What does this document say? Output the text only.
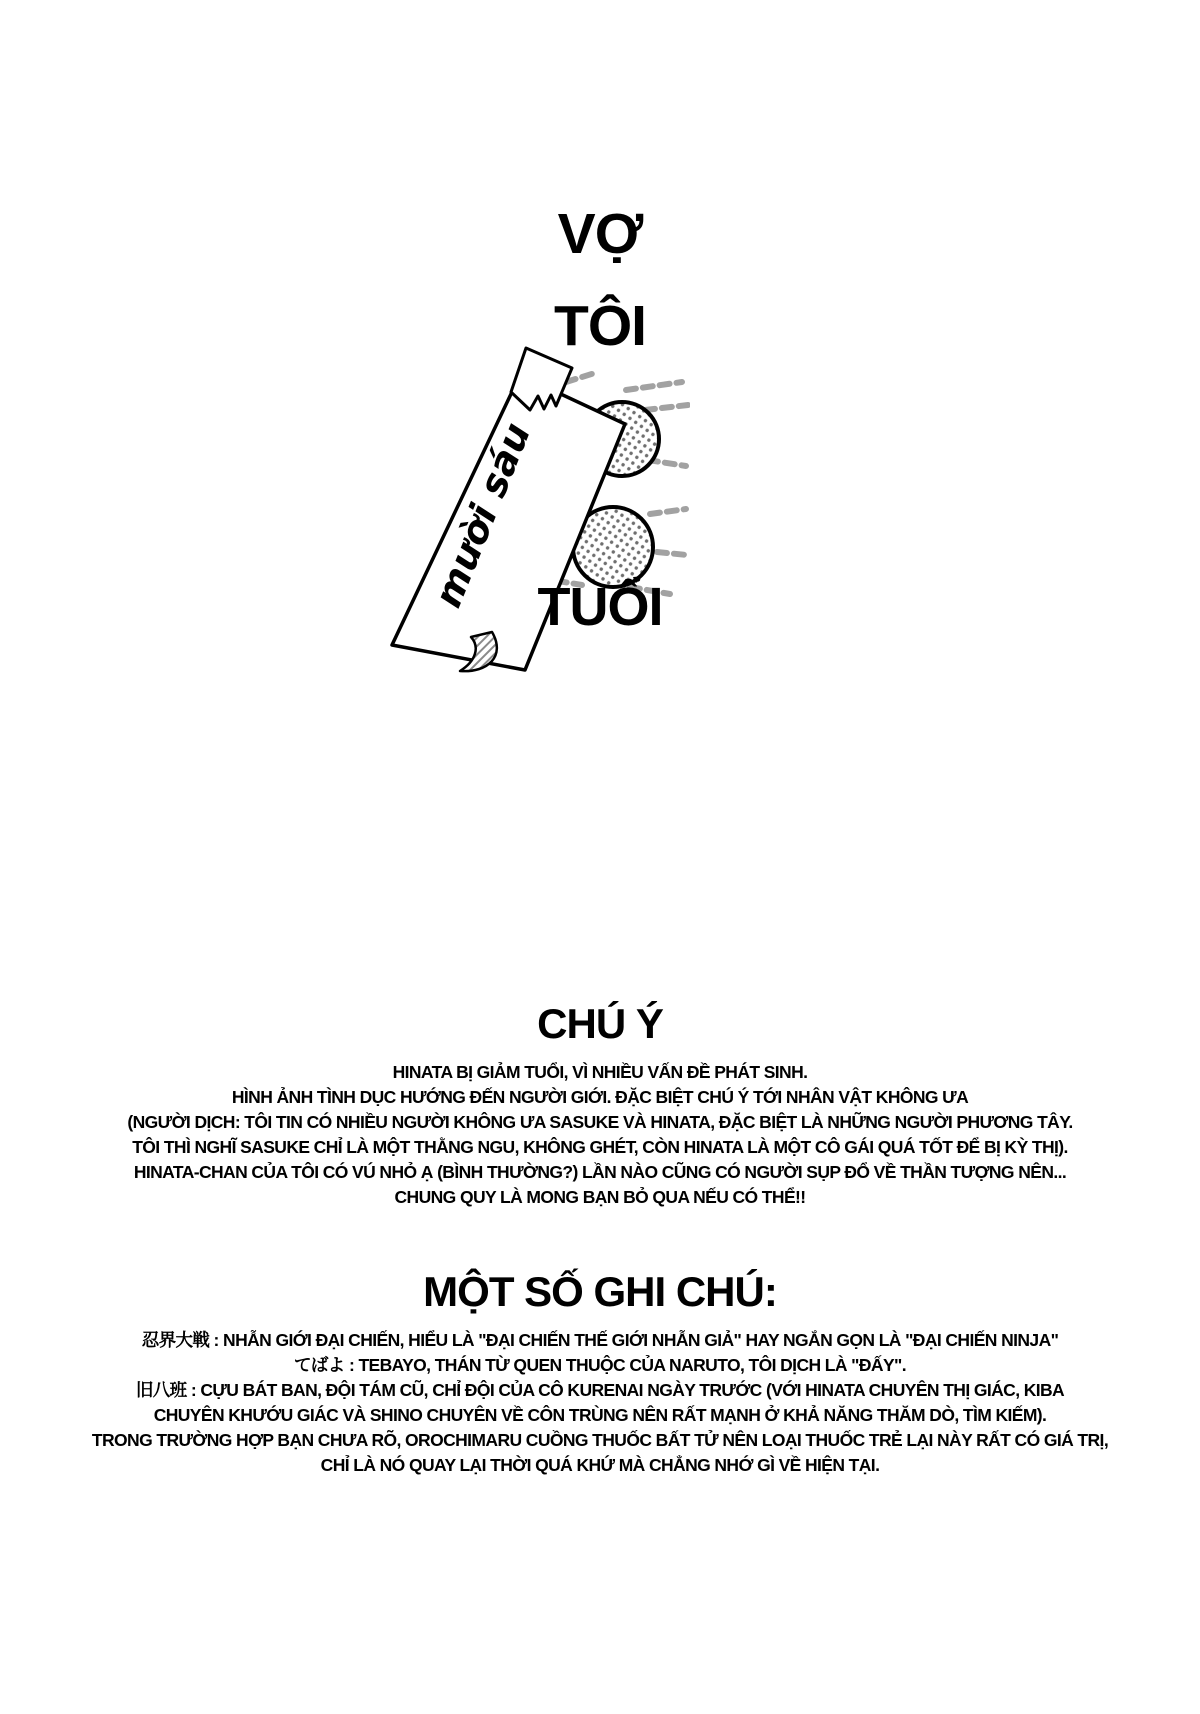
VỢ
TÔI
mười sáu
TUỔI
CHÚ Ý
HINATA BỊ GIẢM TUỔI, VÌ NHIỀU VẤN ĐỀ PHÁT SINH.
HÌNH ẢNH TÌNH DỤC HƯỚNG ĐẾN NGƯỜI GIỚI. ĐẶC BIỆT CHÚ Ý TỚI NHÂN VẬT KHÔNG ƯA
(NGƯỜI DỊCH: TÔI TIN CÓ NHIỀU NGƯỜI KHÔNG ƯA SASUKE VÀ HINATA, ĐẶC BIỆT LÀ NHỮNG NGƯỜI PHƯƠNG TÂY.
TÔI THÌ NGHĨ SASUKE CHỈ LÀ MỘT THẰNG NGU, KHÔNG GHÉT, CÒN HINATA LÀ MỘT CÔ GÁI QUÁ TỐT ĐỂ BỊ KỲ THỊ).
HINATA-CHAN CỦA TÔI CÓ VÚ NHỎ Ạ (BÌNH THƯỜNG?) LẦN NÀO CŨNG CÓ NGƯỜI SỤP ĐỔ VỀ THẦN TƯỢNG NÊN...
CHUNG QUY LÀ MONG BẠN BỎ QUA NẾU CÓ THỂ!!
MỘT SỐ GHI CHÚ:
忍界大戦 : NHẪN GIỚI ĐẠI CHIẾN, HIỂU LÀ "ĐẠI CHIẾN THẾ GIỚI NHẪN GIẢ" HAY NGẮN GỌN LÀ "ĐẠI CHIẾN NINJA"
てばよ : TEBAYO, THÁN TỪ QUEN THUỘC CỦA NARUTO, TÔI DỊCH LÀ "ĐẤY".
旧八班 : CỰU BÁT BAN, ĐỘI TÁM CŨ, CHỈ ĐỘI CỦA CÔ KURENAI NGÀY TRƯỚC (VỚI HINATA CHUYÊN THỊ GIÁC, KIBA
CHUYÊN KHƯỚU GIÁC VÀ SHINO CHUYÊN VỀ CÔN TRÙNG NÊN RẤT MẠNH Ở KHẢ NĂNG THĂM DÒ, TÌM KIẾM).
TRONG TRƯỜNG HỢP BẠN CHƯA RÕ, OROCHIMARU CUỒNG THUỐC BẤT TỬ NÊN LOẠI THUỐC TRẺ LẠI NÀY RẤT CÓ GIÁ TRỊ,
CHỈ LÀ NÓ QUAY LẠI THỜI QUÁ KHỨ MÀ CHẲNG NHỚ GÌ VỀ HIỆN TẠI.
